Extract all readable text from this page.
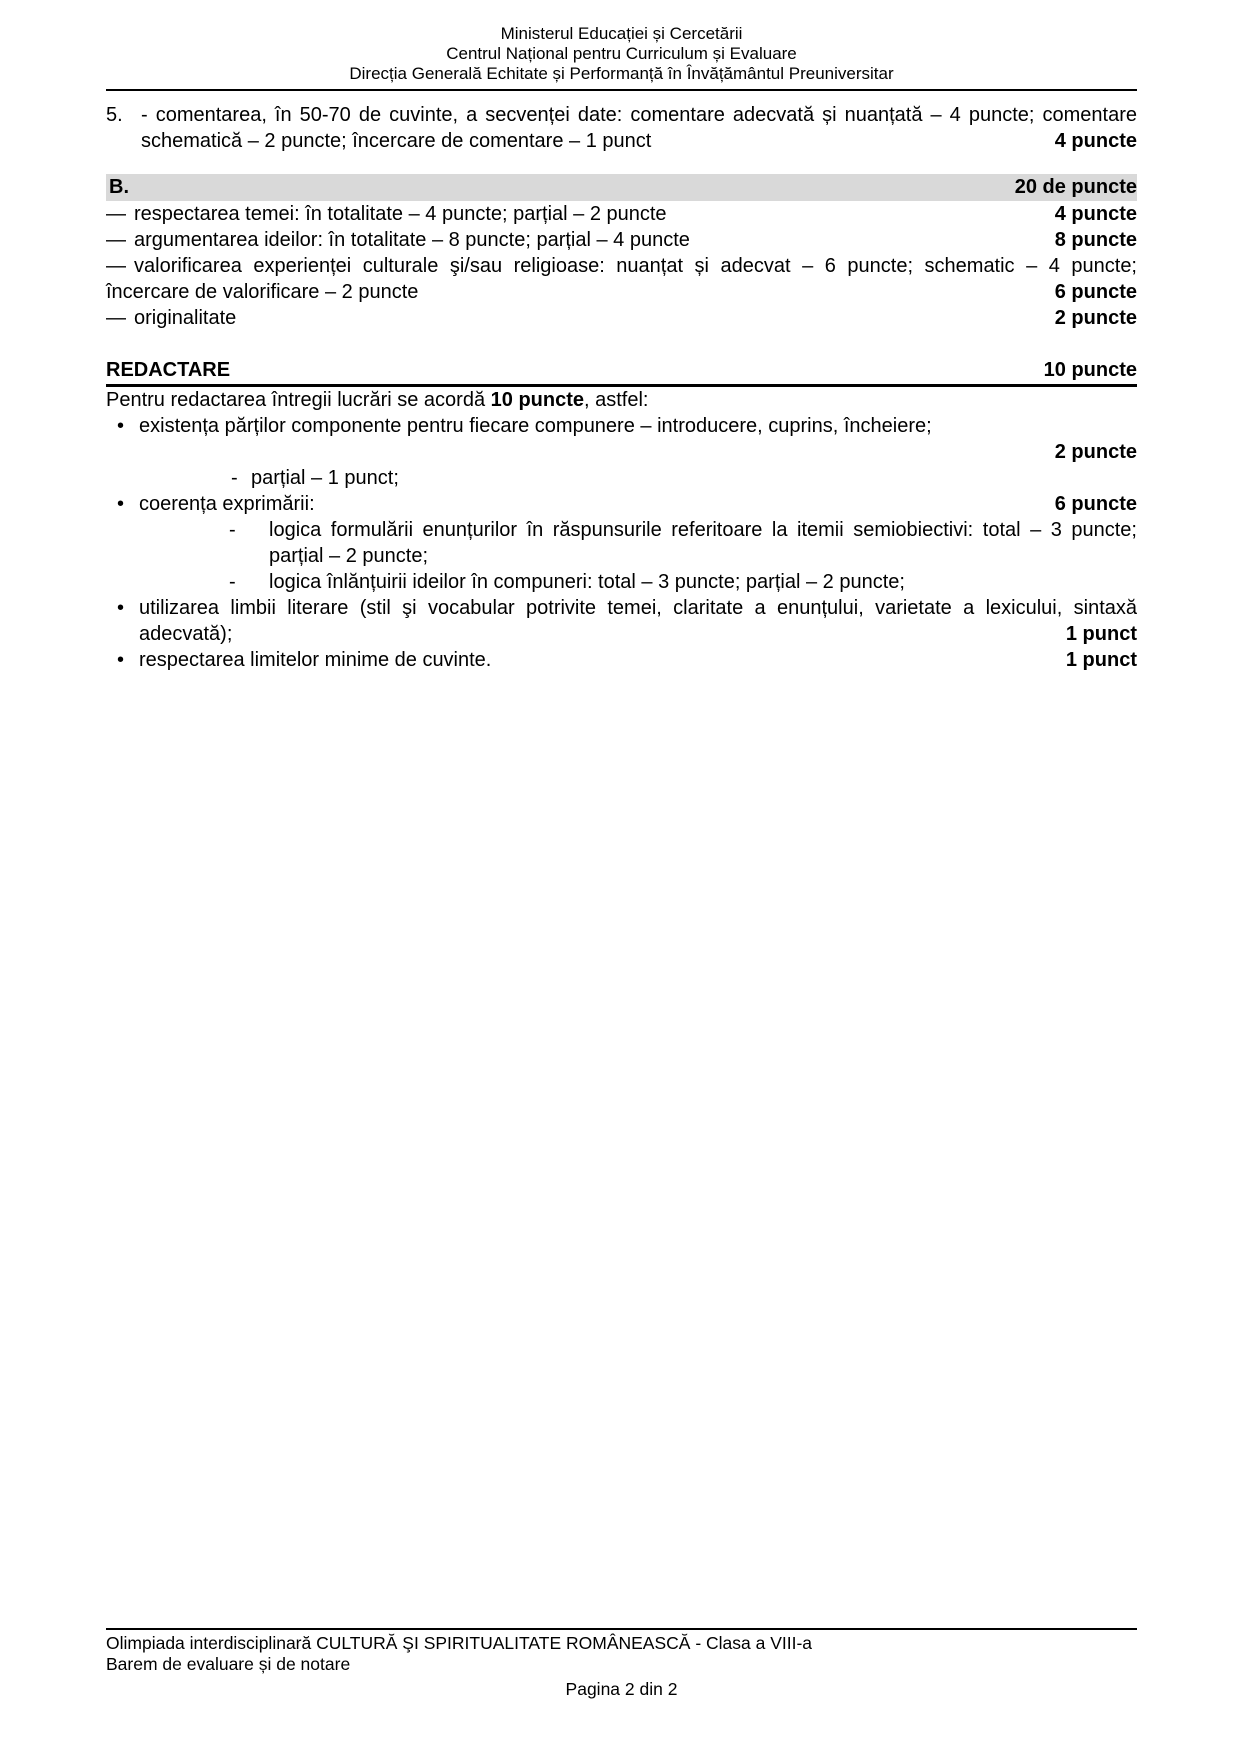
Ministerul Educației și Cercetării
Centrul Național pentru Curriculum și Evaluare
Direcția Generală Echitate și Performanță în Învățământul Preuniversitar

5. - comentarea, în 50-70 de cuvinte, a secvenței date: comentare adecvată și nuanțată – 4 puncte; comentare schematică – 2 puncte; încercare de comentare – 1 punct	4 puncte

B.	20 de puncte

— respectarea temei: în totalitate – 4 puncte; parțial – 2 puncte	4 puncte

— argumentarea ideilor: în totalitate – 8 puncte; parțial – 4 puncte	8 puncte

— valorificarea experienței culturale şi/sau religioase: nuanțat și adecvat – 6 puncte; schematic – 4 puncte; încercare de valorificare – 2 puncte	6 puncte

— originalitate	2 puncte

REDACTARE	10 puncte

Pentru redactarea întregii lucrări se acordă 10 puncte, astfel:

• existența părților componente pentru fiecare compunere – introducere, cuprins, încheiere;

2 puncte

- parțial – 1 punct;

• coerența exprimării:	6 puncte

- logica formulării enunțurilor în răspunsurile referitoare la itemii semiobiectivi: total – 3 puncte; parțial – 2 puncte;

- logica înlănțuirii ideilor în compuneri: total – 3 puncte; parțial – 2 puncte;

• utilizarea limbii literare (stil şi vocabular potrivite temei, claritate a enunțului, varietate a lexicului, sintaxă adecvată);	1 punct

• respectarea limitelor minime de cuvinte.	1 punct

Olimpiada interdisciplinară CULTURĂ ŞI SPIRITUALITATE ROMÂNEASCĂ - Clasa a VIII-a
Barem de evaluare și de notare
Pagina 2 din 2
